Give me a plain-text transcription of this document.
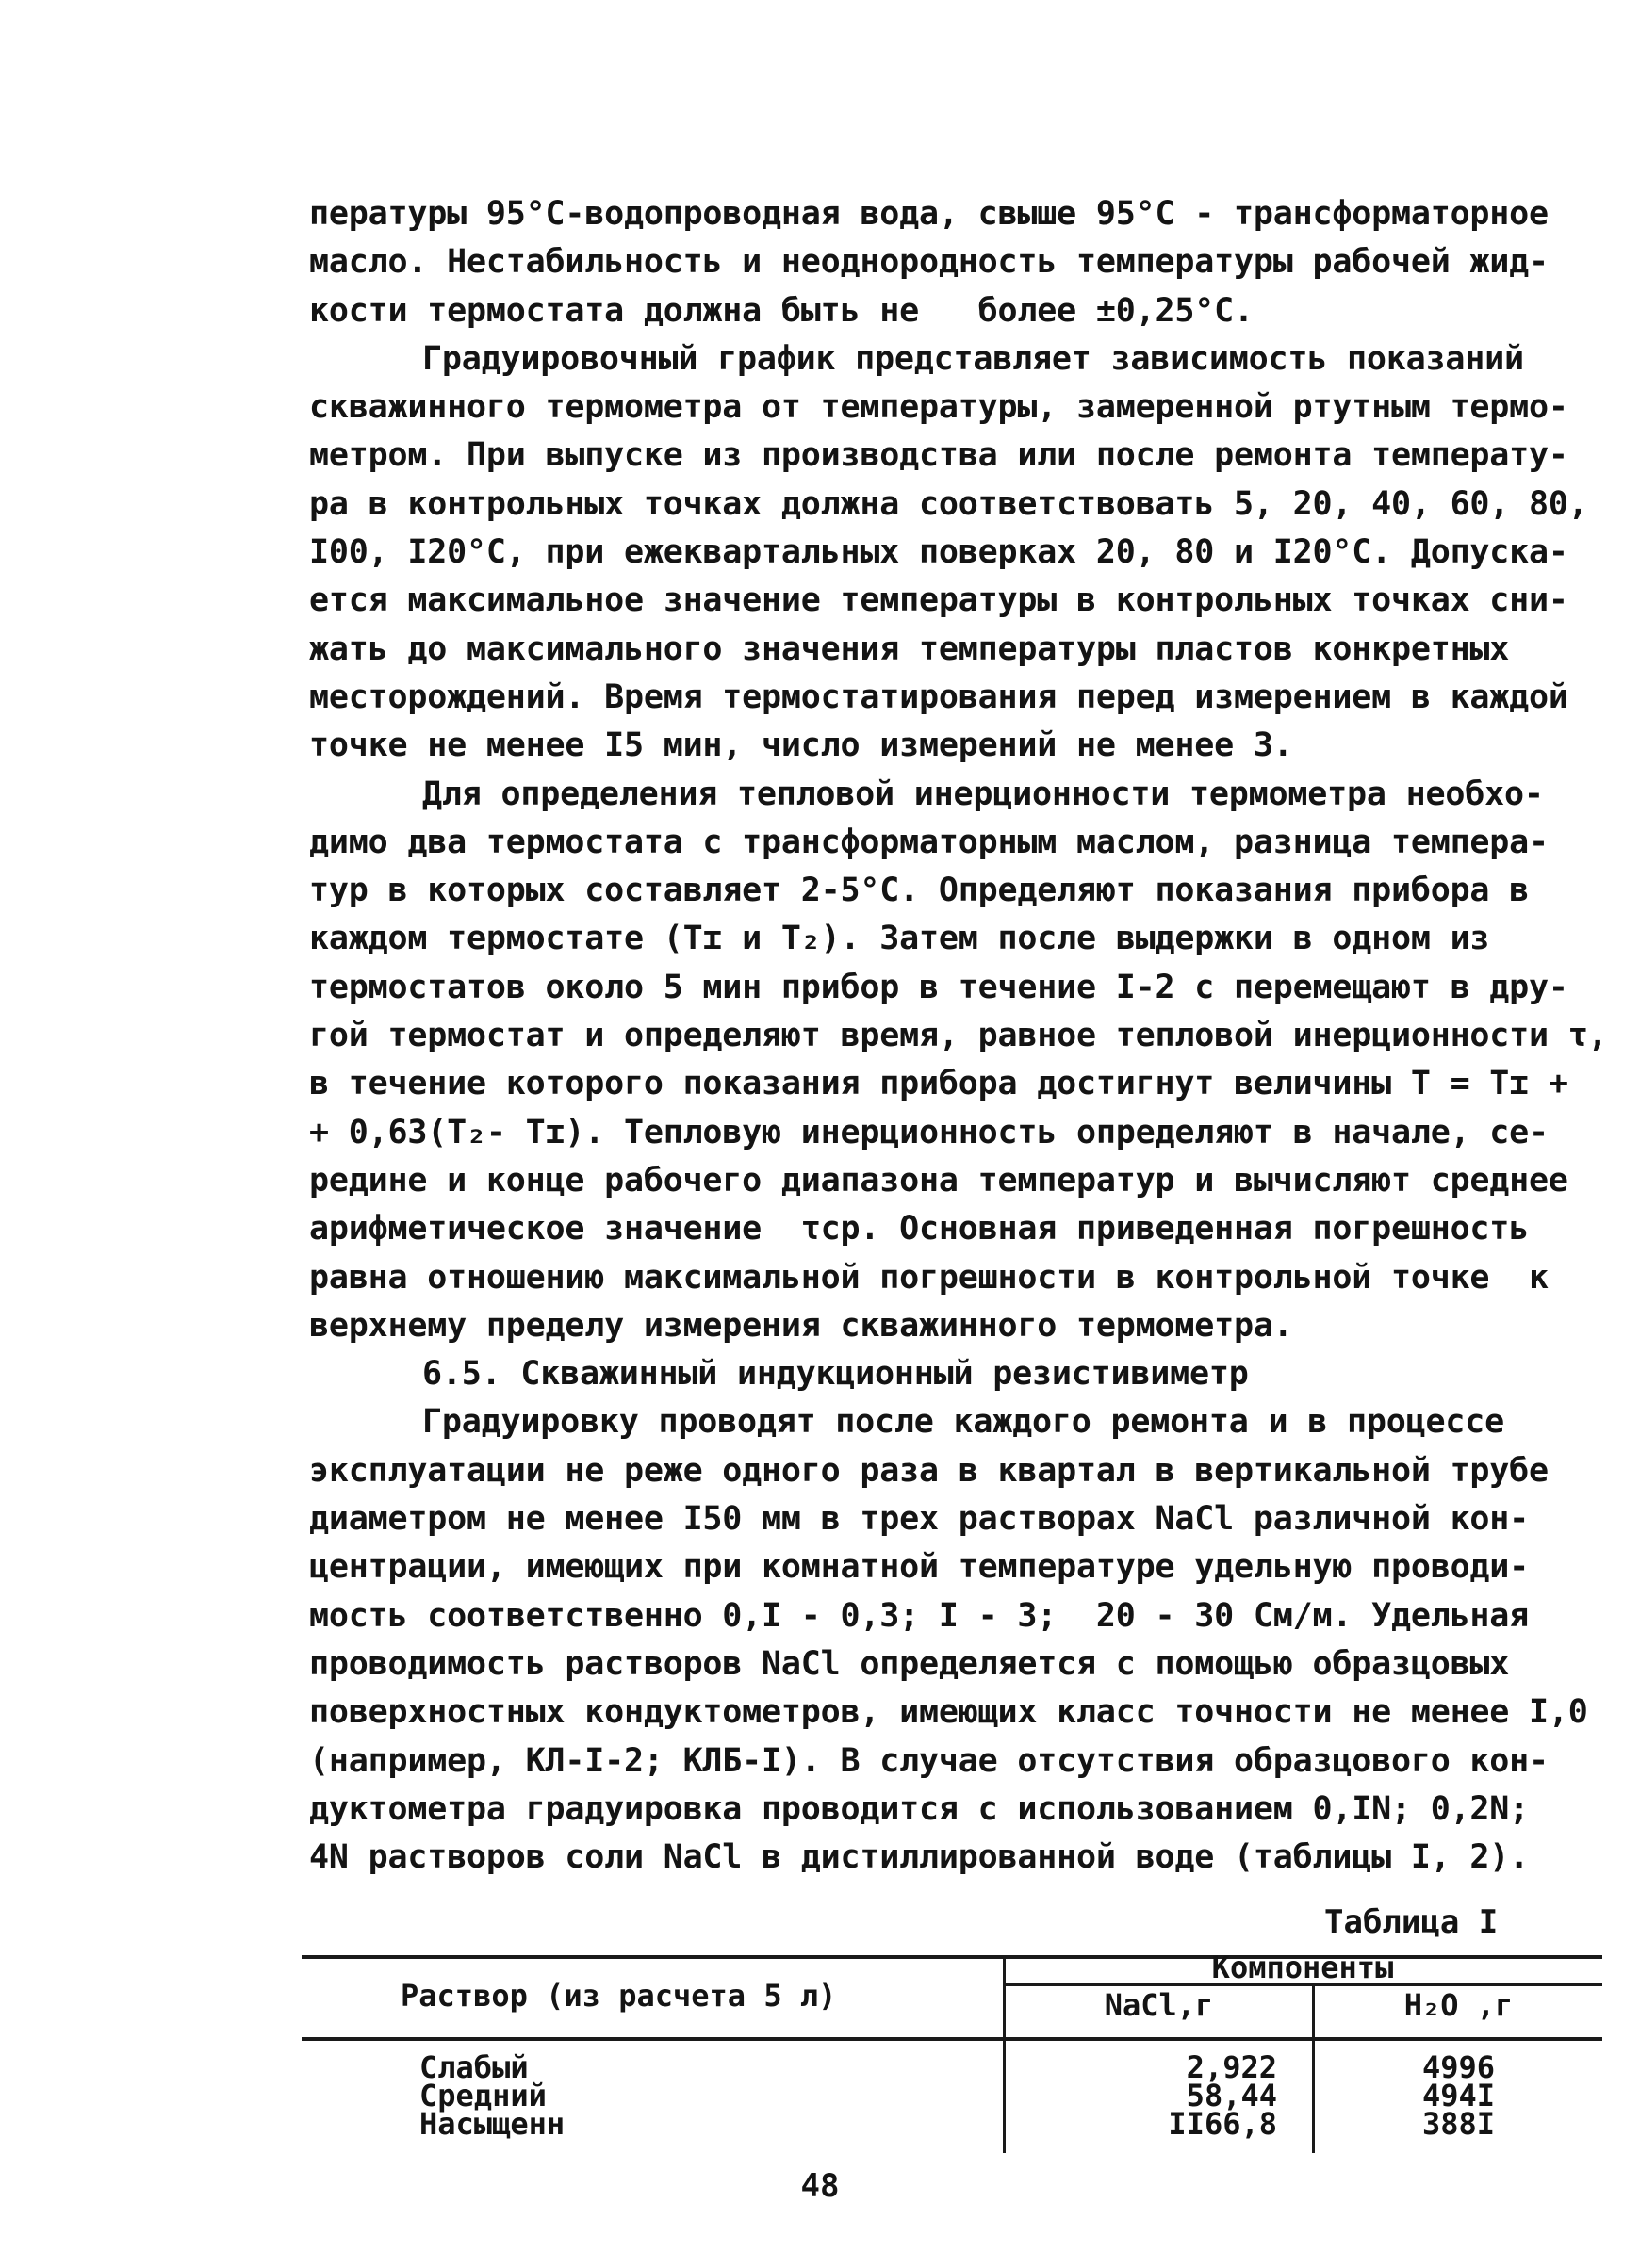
пературы 95°С-водопроводная вода, свыше 95°С - трансформаторное
масло. Нестабильность и неоднородность температуры рабочей жид-
кости термостата должна быть не   более ±0,25°С.
Градуировочный график представляет зависимость показаний
скважинного термометра от температуры, замеренной ртутным термо-
метром. При выпуске из производства или после ремонта температу-
ра в контрольных точках должна соответствовать 5, 20, 40, 60, 80,
I00, I20°С, при ежеквартальных поверках 20, 80 и I20°С. Допуска-
ется максимальное значение температуры в контрольных точках сни-
жать до максимального значения температуры пластов конкретных
месторождений. Время термостатирования перед измерением в каждой
точке не менее I5 мин, число измерений не менее 3.
Для определения тепловой инерционности термометра необхо-
димо два термостата с трансформаторным маслом, разница темпера-
тур в которых составляет 2-5°С. Определяют показания прибора в
каждом термостате (Tɪ и T₂). Затем после выдержки в одном из
термостатов около 5 мин прибор в течение I-2 с перемещают в дру-
гой термостат и определяют время, равное тепловой инерционности τ,
в течение которого показания прибора достигнут величины T = Tɪ +
+ 0,63(T₂- Tɪ). Тепловую инерционность определяют в начале, се-
редине и конце рабочего диапазона температур и вычисляют среднее
арифметическое значение  τср. Основная приведенная погрешность
равна отношению максимальной погрешности в контрольной точке  к
верхнему пределу измерения скважинного термометра.
6.5. Скважинный индукционный резистивиметр
Градуировку проводят после каждого ремонта и в процессе
эксплуатации не реже одного раза в квартал в вертикальной трубе
диаметром не менее I50 мм в трех растворах NaCl различной кон-
центрации, имеющих при комнатной температуре удельную проводи-
мость соответственно 0,I - 0,3; I - 3;  20 - 30 См/м. Удельная
проводимость растворов NaCl определяется с помощью образцовых
поверхностных кондуктометров, имеющих класс точности не менее I,0
(например, КЛ-I-2; КЛБ-I). В случае отсутствия образцового кон-
дуктометра градуировка проводится с использованием 0,IN; 0,2N;
4N растворов соли NaCl в дистиллированной воде (таблицы I, 2).
Таблица I
Раствор (из расчета 5 л)
Компоненты
NaCl,г	H₂O ,г
Слабый	2,922	4996
Средний	58,44	494I
Насыщенн	II66,8	388I
48
